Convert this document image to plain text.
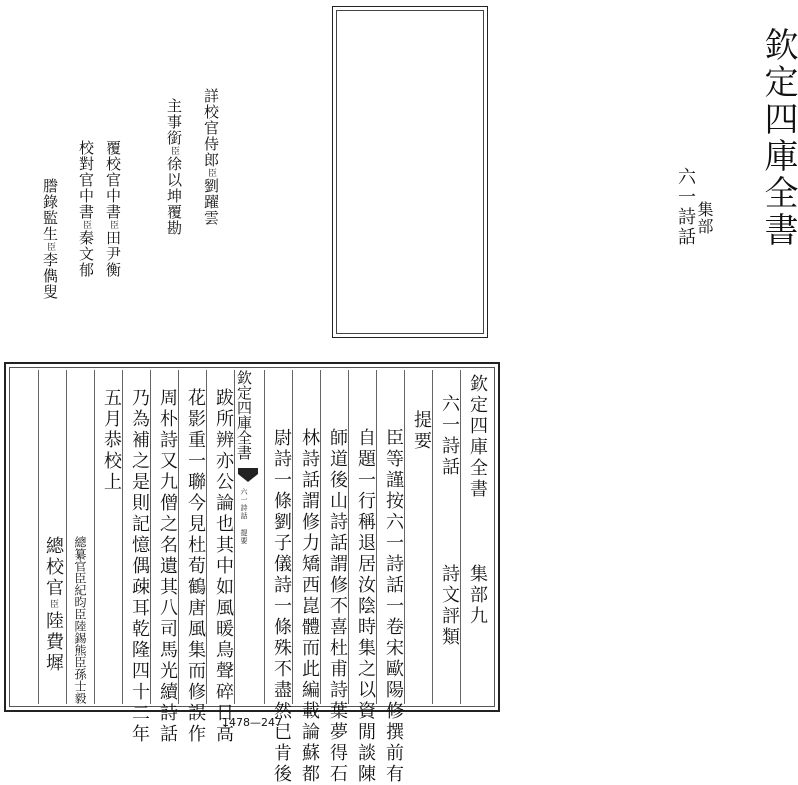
欽定四庫全書
集部
六一詩話
詳校官侍郎臣劉躍雲
主事銜臣徐以坤覆勘
覆校官中書臣田尹衡
校對官中書臣秦文郁
謄錄監生臣李儁叟
欽定四庫全書
集部九
六一詩話
詩文評類
提要
臣等謹按六一詩話一卷宋歐陽修撰前有
自題一行稱退居汝陰時集之以資閒談陳
師道後山詩話謂修不喜杜甫詩葉夢得石
林詩話謂修力矯西崑體而此編載論蘇都
尉詩一條劉子儀詩一條殊不盡然已肯後
跋所辨亦公論也其中如風暖鳥聲碎日高
花影重一聯今見杜荀鶴唐風集而修誤作
周朴詩又九僧之名遺其八司馬光續詩話
乃為補之是則記憶偶疎耳乾隆四十二年
五月恭校上
總纂官臣紀昀臣陸錫熊臣孫士毅
總校官臣陸費墀
欽定四庫全書
六一詩話 提要
1478—247
